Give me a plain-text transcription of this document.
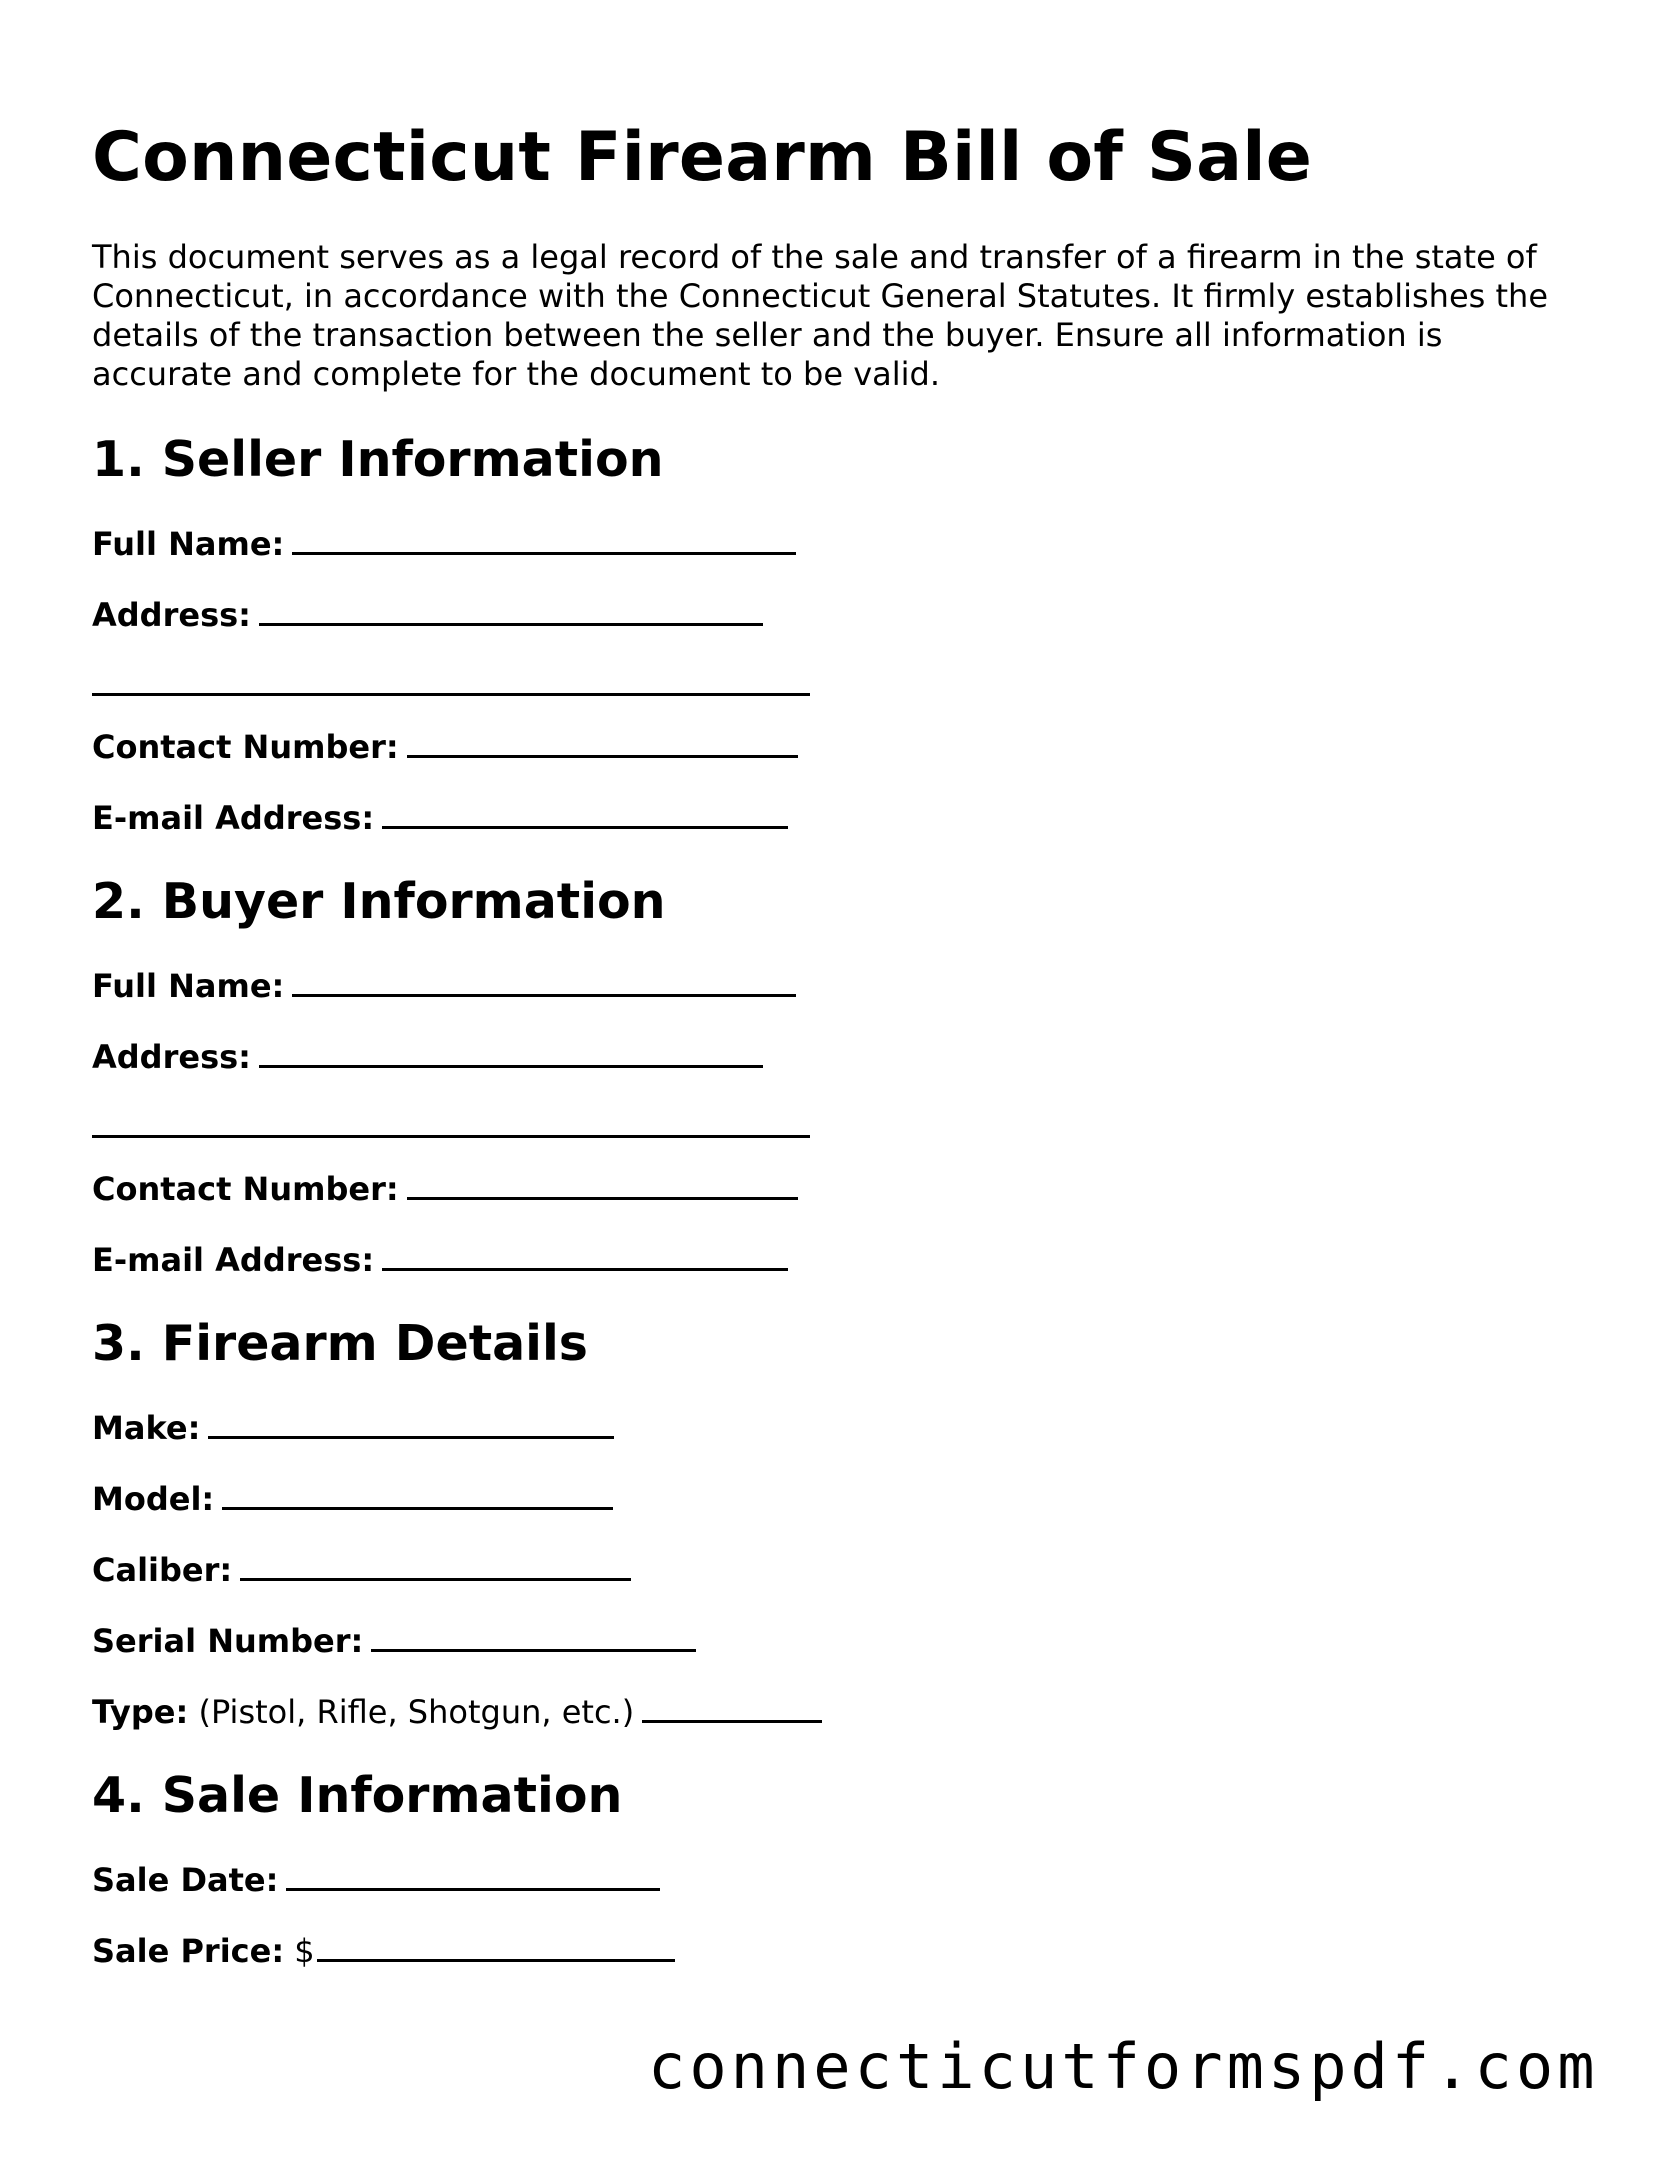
Connecticut Firearm Bill of Sale

This document serves as a legal record of the sale and transfer of a firearm in the state of Connecticut, in accordance with the Connecticut General Statutes. It firmly establishes the details of the transaction between the seller and the buyer. Ensure all information is accurate and complete for the document to be valid.

1. Seller Information
Full Name:
Address:
Contact Number:
E-mail Address:
2. Buyer Information
Full Name:
Address:
Contact Number:
E-mail Address:
3. Firearm Details
Make:
Model:
Caliber:
Serial Number:
Type: (Pistol, Rifle, Shotgun, etc.)
4. Sale Information
Sale Date:
Sale Price: $
connecticutformspdf.com
